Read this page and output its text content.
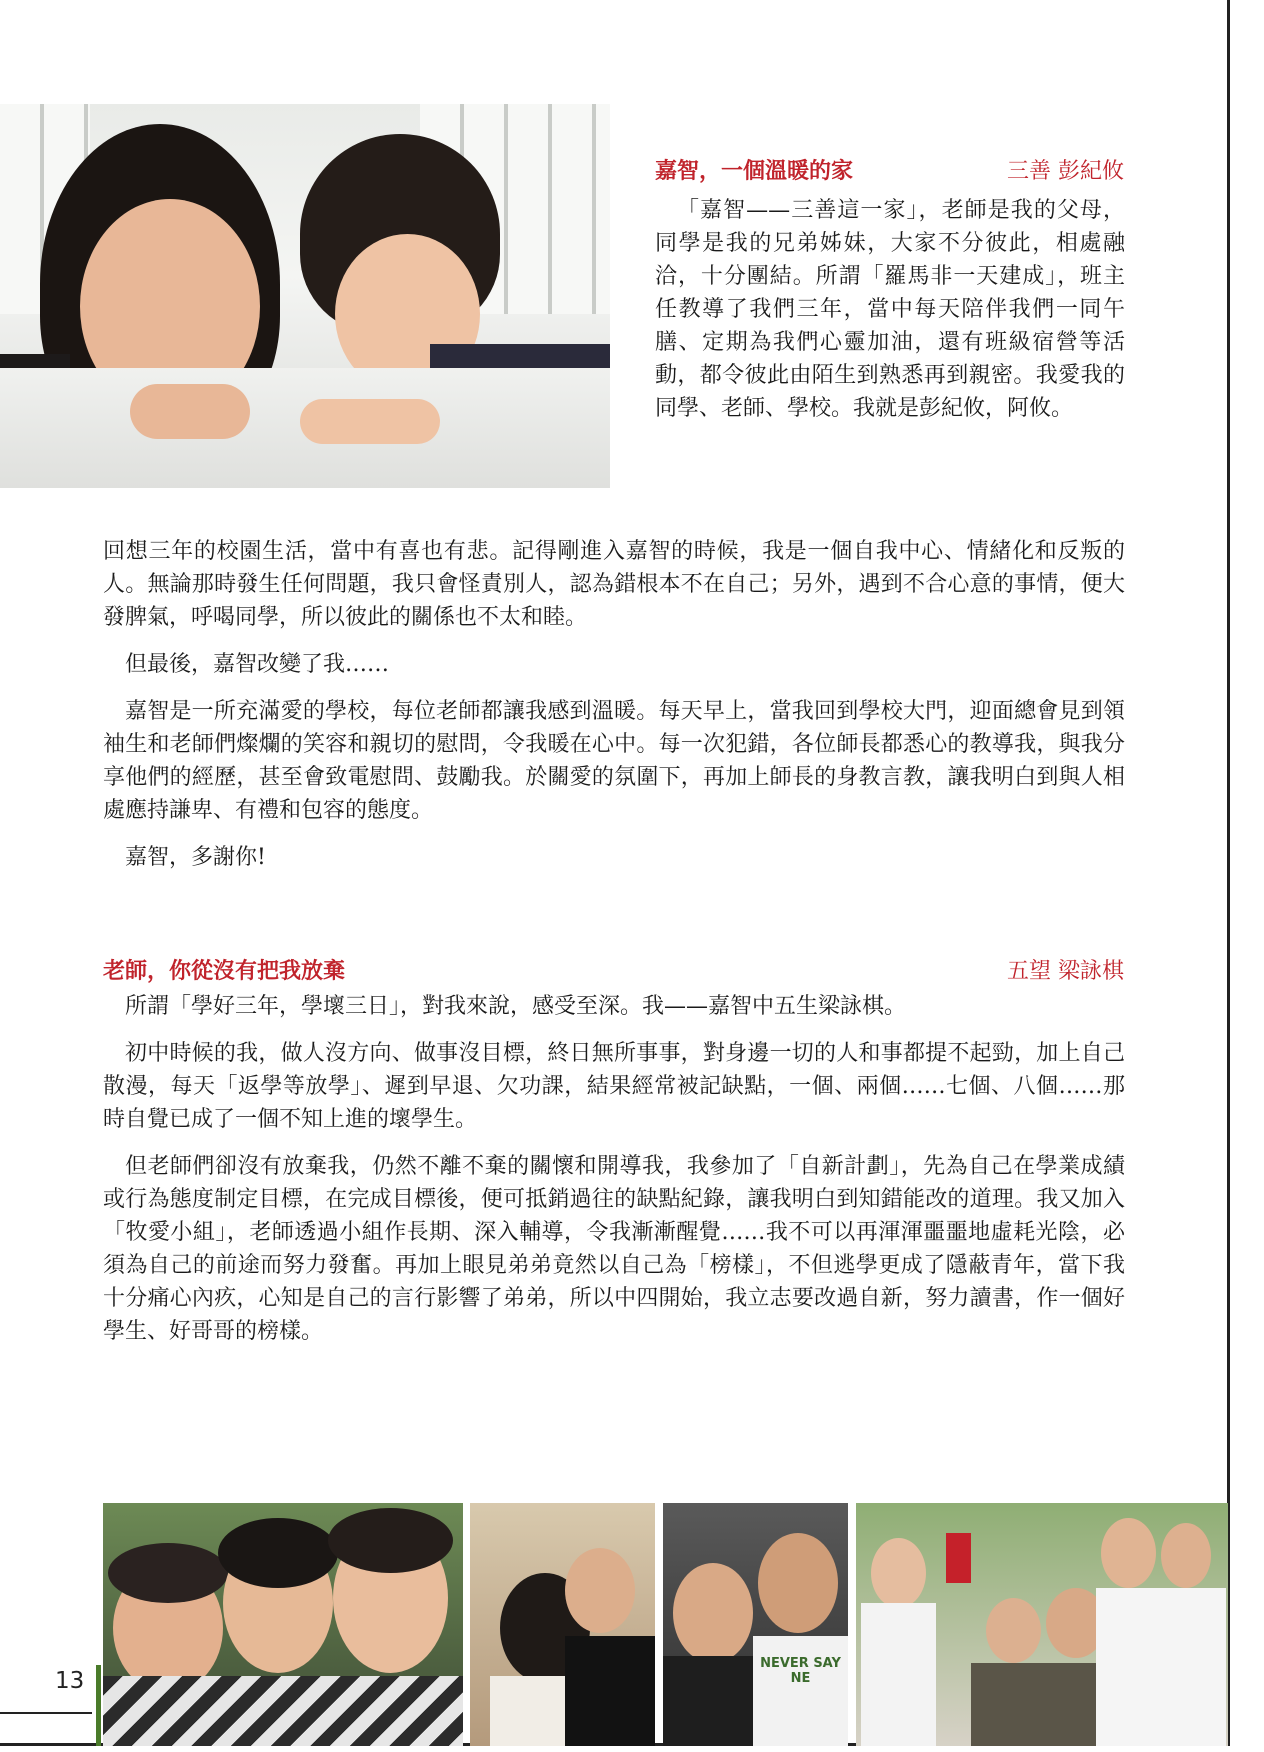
嘉智，一個溫暖的家	三善 彭紀攸

「嘉智——三善這一家」，老師是我的父母，同學是我的兄弟姊妹，大家不分彼此，相處融洽，十分團結。所謂「羅馬非一天建成」，班主任教導了我們三年，當中每天陪伴我們一同午膳、定期為我們心靈加油，還有班級宿營等活動，都令彼此由陌生到熟悉再到親密。我愛我的同學、老師、學校。我就是彭紀攸，阿攸。

回想三年的校園生活，當中有喜也有悲。記得剛進入嘉智的時候，我是一個自我中心、情緒化和反叛的人。無論那時發生任何問題，我只會怪責別人，認為錯根本不在自己；另外，遇到不合心意的事情，便大發脾氣，呼喝同學，所以彼此的關係也不太和睦。

但最後，嘉智改變了我……

嘉智是一所充滿愛的學校，每位老師都讓我感到溫暖。每天早上，當我回到學校大門，迎面總會見到領袖生和老師們燦爛的笑容和親切的慰問，令我暖在心中。每一次犯錯，各位師長都悉心的教導我，與我分享他們的經歷，甚至會致電慰問、鼓勵我。於關愛的氛圍下，再加上師長的身教言教，讓我明白到與人相處應持謙卑、有禮和包容的態度。

嘉智，多謝你!

老師，你從沒有把我放棄	五望 梁詠棋

所謂「學好三年，學壞三日」，對我來說，感受至深。我——嘉智中五生梁詠棋。

初中時候的我，做人沒方向、做事沒目標，終日無所事事，對身邊一切的人和事都提不起勁，加上自己散漫，每天「返學等放學」、遲到早退、欠功課，結果經常被記缺點，一個、兩個……七個、八個……那時自覺已成了一個不知上進的壞學生。

但老師們卻沒有放棄我，仍然不離不棄的關懷和開導我，我參加了「自新計劃」，先為自己在學業成績或行為態度制定目標，在完成目標後，便可抵銷過往的缺點紀錄，讓我明白到知錯能改的道理。我又加入「牧愛小組」，老師透過小組作長期、深入輔導，令我漸漸醒覺……我不可以再渾渾噩噩地虛耗光陰，必須為自己的前途而努力發奮。再加上眼見弟弟竟然以自己為「榜樣」，不但逃學更成了隱蔽青年，當下我十分痛心內疚，心知是自己的言行影響了弟弟，所以中四開始，我立志要改過自新，努力讀書，作一個好學生、好哥哥的榜樣。

NEVER SAY NE
13
